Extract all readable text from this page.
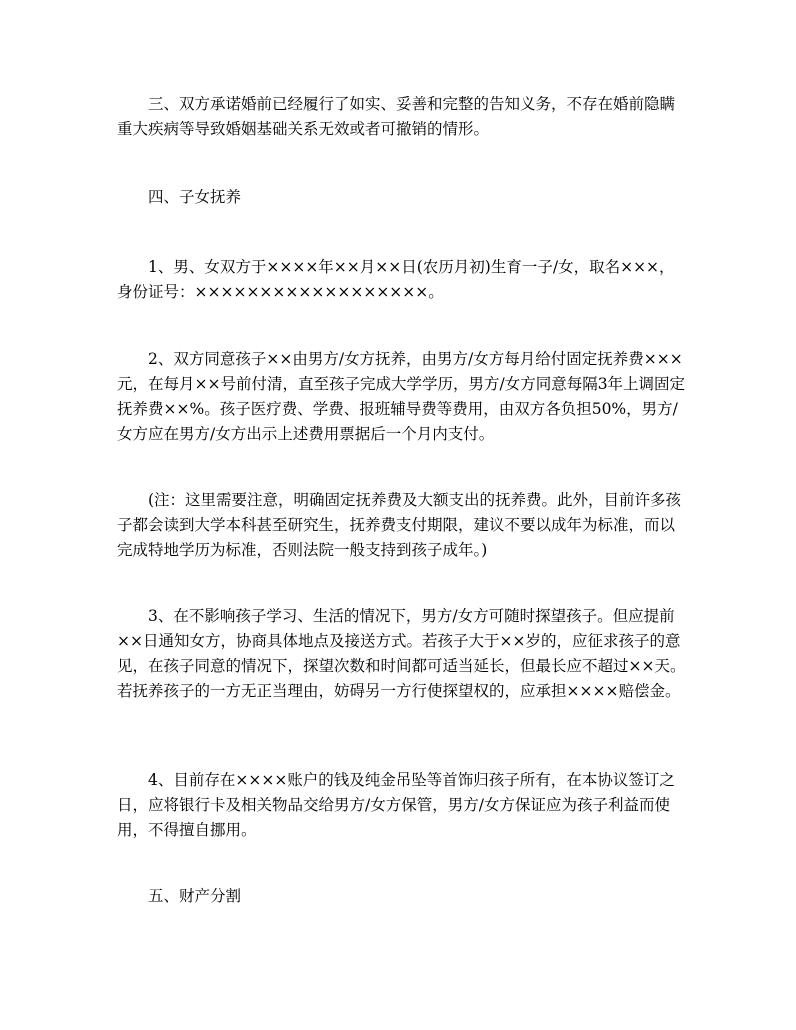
三、双方承诺婚前已经履行了如实、妥善和完整的告知义务，不存在婚前隐瞒重大疾病等导致婚姻基础关系无效或者可撤销的情形。

四、子女抚养

1、男、女双方于××××年××月××日(农历月初)生育一子/女，取名×××，身份证号：××××××××××××××××××。

2、双方同意孩子××由男方/女方抚养，由男方/女方每月给付固定抚养费×××元，在每月××号前付清，直至孩子完成大学学历，男方/女方同意每隔3年上调固定抚养费××%。孩子医疗费、学费、报班辅导费等费用，由双方各负担50%，男方/女方应在男方/女方出示上述费用票据后一个月内支付。

(注：这里需要注意，明确固定抚养费及大额支出的抚养费。此外，目前许多孩子都会读到大学本科甚至研究生，抚养费支付期限，建议不要以成年为标准，而以完成特地学历为标准，否则法院一般支持到孩子成年。)

3、在不影响孩子学习、生活的情况下，男方/女方可随时探望孩子。但应提前××日通知女方，协商具体地点及接送方式。若孩子大于××岁的，应征求孩子的意见，在孩子同意的情况下，探望次数和时间都可适当延长，但最长应不超过××天。若抚养孩子的一方无正当理由，妨碍另一方行使探望权的，应承担××××赔偿金。

4、目前存在××××账户的钱及纯金吊坠等首饰归孩子所有，在本协议签订之日，应将银行卡及相关物品交给男方/女方保管，男方/女方保证应为孩子利益而使用，不得擅自挪用。

五、财产分割
